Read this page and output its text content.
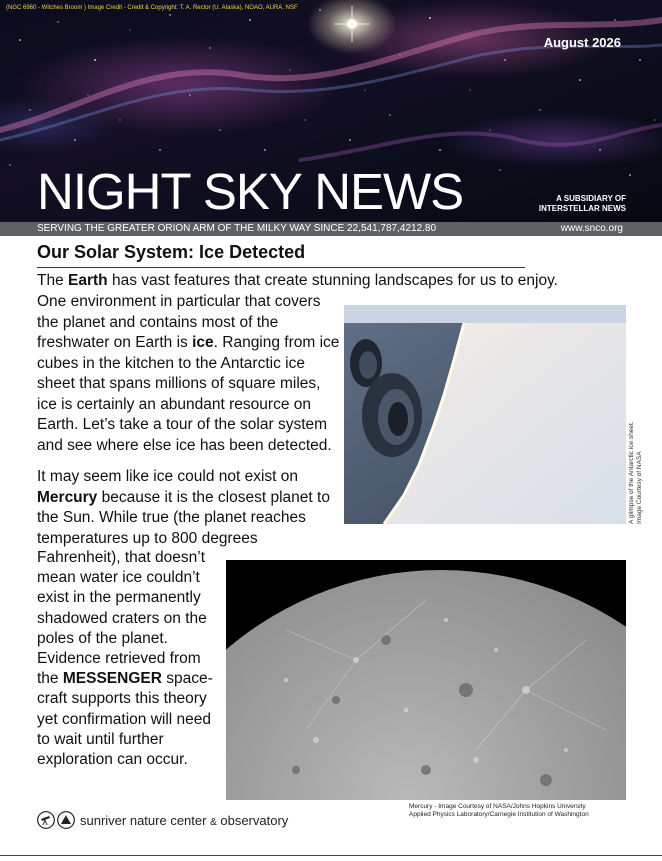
(NGC 6960 - Witches Broom ) Image Credit - Credit & Copyright: T. A. Rector (U. Alaska), NOAO, AURA, NSF
August 2026
NIGHT SKY NEWS	A SUBSIDIARY OF
INTERSTELLAR NEWS
SERVING THE GREATER ORION ARM OF THE MILKY WAY SINCE 22,541,787,4212.80	www.snco.org
Our Solar System: Ice Detected
The Earth has vast features that create stunning landscapes for us to enjoy.
One environment in particular that covers the planet and contains most of the freshwater on Earth is ice. Ranging from ice cubes in the kitchen to the Antarctic ice sheet that spans millions of square miles, ice is certainly an abundant resource on Earth. Let’s take a tour of the solar system and see where else ice has been detected.
It may seem like ice could not exist on Mercury because it is the closest planet to the Sun. While true (the planet reaches temperatures up to 800 degrees
Fahrenheit), that doesn’t mean water ice couldn’t exist in the permanently shadowed craters on the poles of the planet. Evidence retrieved from the MESSENGER space-craft supports this theory yet confirmation will need to wait until further exploration can occur.
A glimpse of the Antarctic ice sheet. Image Courtesy of NASA
Mercury - Image Courtesy of NASA/Johns Hopkins University
Applied Physics Laboratory/Carnegie Institution of Washington
sunriver nature center & observatory
